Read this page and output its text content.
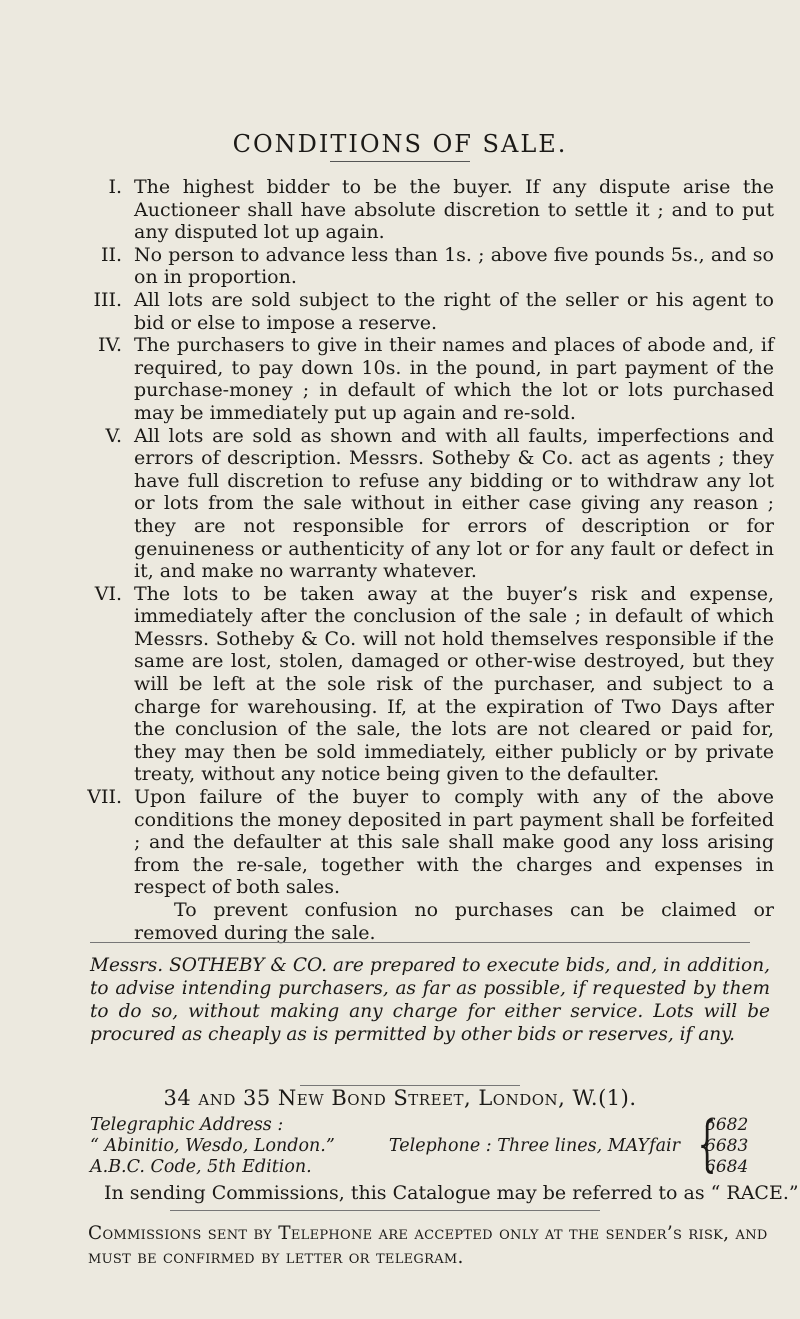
CONDITIONS OF SALE.
I. The highest bidder to be the buyer. If any dispute arise the Auctioneer shall have absolute discretion to settle it ; and to put any disputed lot up again.
II. No person to advance less than 1s. ; above five pounds 5s., and so on in proportion.
III. All lots are sold subject to the right of the seller or his agent to bid or else to impose a reserve.
IV. The purchasers to give in their names and places of abode and, if required, to pay down 10s. in the pound, in part payment of the purchase-money ; in default of which the lot or lots purchased may be immediately put up again and re-sold.
V. All lots are sold as shown and with all faults, imperfections and errors of description. Messrs. Sotheby & Co. act as agents ; they have full discretion to refuse any bidding or to withdraw any lot or lots from the sale without in either case giving any reason ; they are not responsible for errors of description or for genuineness or authenticity of any lot or for any fault or defect in it, and make no warranty whatever.
VI. The lots to be taken away at the buyer’s risk and expense, immediately after the conclusion of the sale ; in default of which Messrs. Sotheby & Co. will not hold themselves responsible if the same are lost, stolen, damaged or other-wise destroyed, but they will be left at the sole risk of the purchaser, and subject to a charge for warehousing. If, at the expiration of Two Days after the conclusion of the sale, the lots are not cleared or paid for, they may then be sold immediately, either publicly or by private treaty, without any notice being given to the defaulter.
VII. Upon failure of the buyer to comply with any of the above conditions the money deposited in part payment shall be forfeited ; and the defaulter at this sale shall make good any loss arising from the re-sale, together with the charges and expenses in respect of both sales.
To prevent confusion no purchases can be claimed or removed during the sale.
Messrs. SOTHEBY & CO. are prepared to execute bids, and, in addition, to advise intending purchasers, as far as possible, if requested by them to do so, without making any charge for either service. Lots will be procured as cheaply as is permitted by other bids or reserves, if any.
34 and 35 New Bond Street, London, W.(1).
Telegraphic Address :
“ Abinitio, Wesdo, London.”	Telephone : Three lines, MAYfair
A.B.C. Code, 5th Edition.	{
6682
6683
6684
In sending Commissions, this Catalogue may be referred to as “ RACE.”
Commissions sent by Telephone are accepted only at the sender’s risk, and must be confirmed by letter or telegram.
